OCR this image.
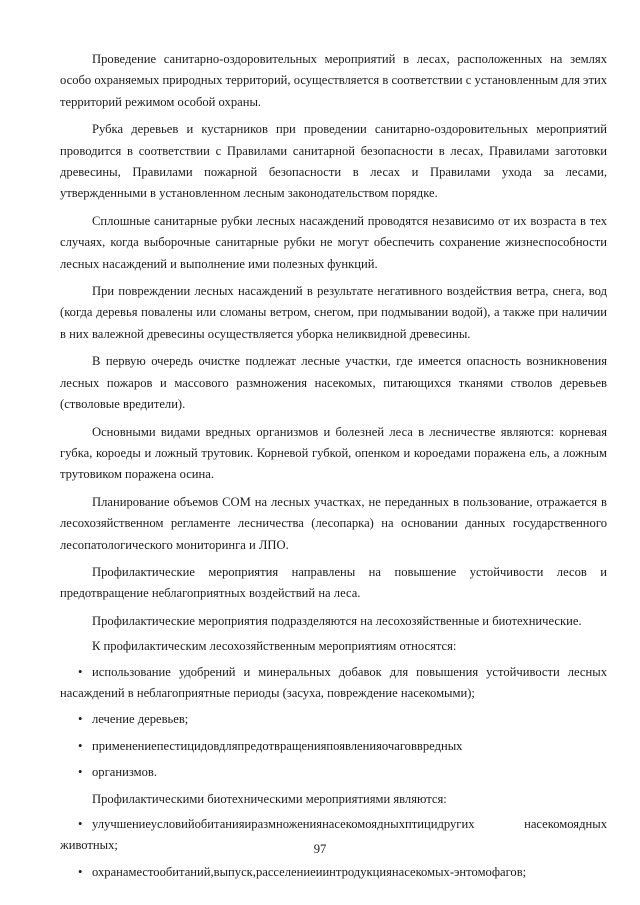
Проведение санитарно-оздоровительных мероприятий в лесах, расположенных на землях особо охраняемых природных территорий, осуществляется в соответствии с установленным для этих территорий режимом особой охраны.

Рубка деревьев и кустарников при проведении санитарно-оздоровительных мероприятий проводится в соответствии с Правилами санитарной безопасности в лесах, Правилами заготовки древесины, Правилами пожарной безопасности в лесах и Правилами ухода за лесами, утвержденными в установленном лесным законодательством порядке.

Сплошные санитарные рубки лесных насаждений проводятся независимо от их возраста в тех случаях, когда выборочные санитарные рубки не могут обеспечить сохранение жизнеспособности лесных насаждений и выполнение ими полезных функций.

При повреждении лесных насаждений в результате негативного воздействия ветра, снега, вод (когда деревья повалены или сломаны ветром, снегом, при подмывании водой), а также при наличии в них валежной древесины осуществляется уборка неликвидной древесины.

В первую очередь очистке подлежат лесные участки, где имеется опасность возникновения лесных пожаров и массового размножения насекомых, питающихся тканями стволов деревьев (стволовые вредители).

Основными видами вредных организмов и болезней леса в лесничестве являются: корневая губка, короеды и ложный трутовик. Корневой губкой, опенком и короедами поражена ель, а ложным трутовиком поражена осина.

Планирование объемов СОМ на лесных участках, не переданных в пользование, отражается в лесохозяйственном регламенте лесничества (лесопарка) на основании данных государственного лесопатологического мониторинга и ЛПО.

Профилактические мероприятия направлены на повышение устойчивости лесов и предотвращение неблагоприятных воздействий на леса.

Профилактические мероприятия подразделяются на лесохозяйственные и биотехнические.

К профилактическим лесохозяйственным мероприятиям относятся:

• использование удобрений и минеральных добавок для повышения устойчивости лесных насаждений в неблагоприятные периоды (засуха, повреждение насекомыми);
• лечение деревьев;
• применениепестицидовдляпредотвращенияпоявленияочаговвредных
• организмов.

Профилактическими биотехническими мероприятиями являются:

• улучшениеусловийобитанияиразмножениянасекомоядныхптицидругих насекомоядных животных;
• охранаместообитаний,выпуск,расселениеиинтродукциянасекомых-энтомофагов;
97
